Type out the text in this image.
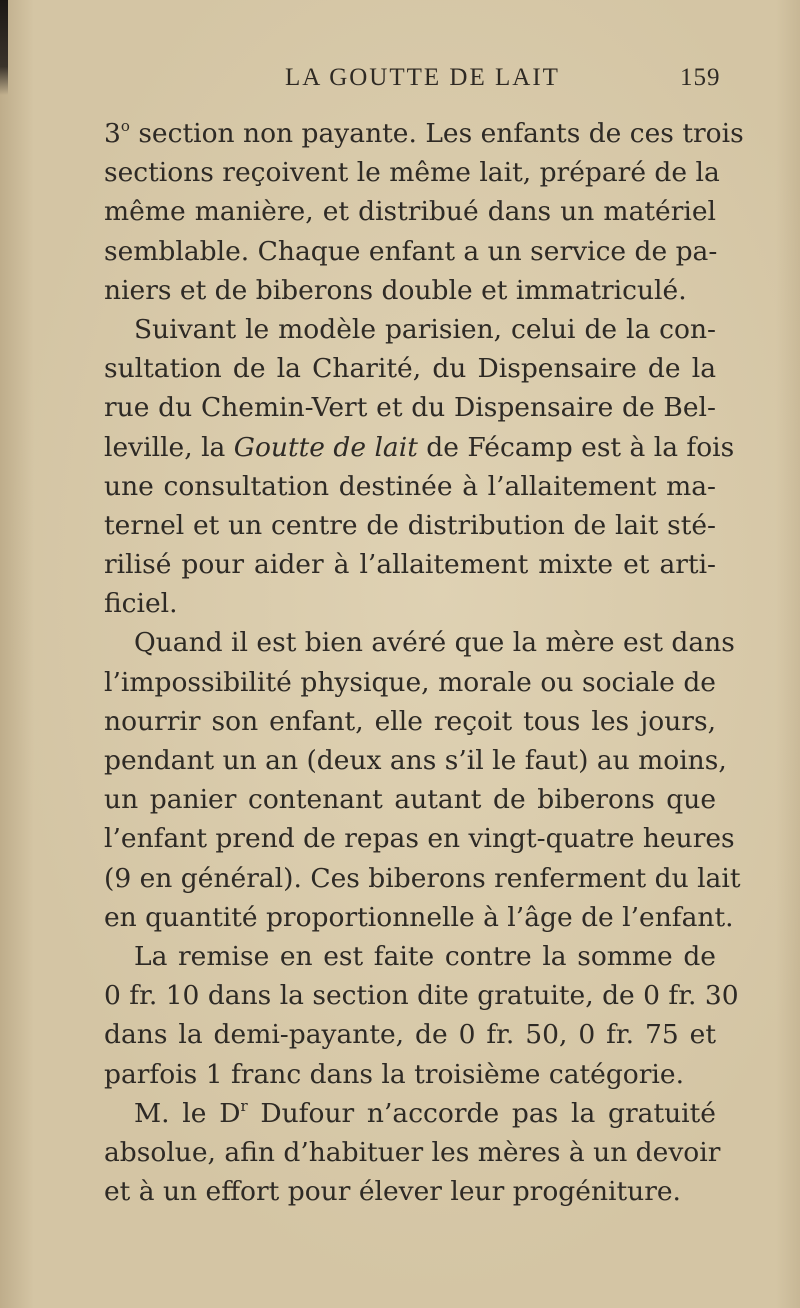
LA GOUTTE DE LAIT	159
3$^o$ section non payante. Les enfants de ces trois
sections reçoivent le même lait, préparé de la
même manière, et distribué dans un matériel
semblable. Chaque enfant a un service de pa-
niers et de biberons double et immatriculé.
Suivant le modèle parisien, celui de la con-
sultation de la Charité, du Dispensaire de la
rue du Chemin-Vert et du Dispensaire de Bel-
leville, la Goutte de lait de Fécamp est à la fois
une consultation destinée à l’allaitement ma-
ternel et un centre de distribution de lait sté-
rilisé pour aider à l’allaitement mixte et arti-
ficiel.
Quand il est bien avéré que la mère est dans
l’impossibilité physique, morale ou sociale de
nourrir son enfant, elle reçoit tous les jours,
pendant un an (deux ans s’il le faut) au moins,
un panier contenant autant de biberons que
l’enfant prend de repas en vingt-quatre heures
(9 en général). Ces biberons renferment du lait
en quantité proportionnelle à l’âge de l’enfant.
La remise en est faite contre la somme de
0 fr. 10 dans la section dite gratuite, de 0 fr. 30
dans la demi-payante, de 0 fr. 50, 0 fr. 75 et
parfois 1 franc dans la troisième catégorie.
M. le $D^r$ Dufour n’accorde pas la gratuité
absolue, afin d’habituer les mères à un devoir
et à un effort pour élever leur progéniture.
